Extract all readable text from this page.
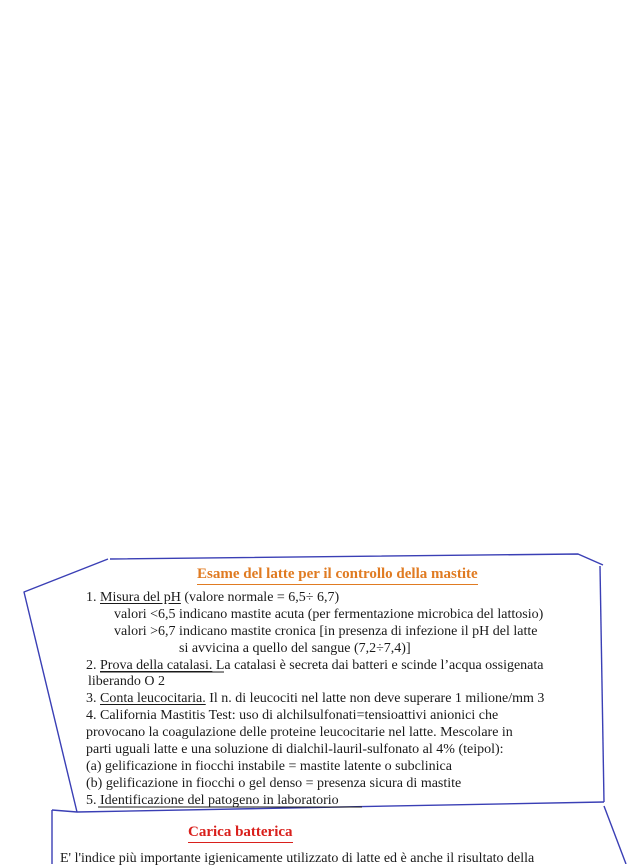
Esame del latte per il controllo della mastite
1. Misura del pH (valore normale = 6,5÷ 6,7)
valori <6,5 indicano mastite acuta (per fermentazione microbica del lattosio)
valori >6,7 indicano mastite cronica [in presenza di infezione il pH del latte
si avvicina a quello del sangue (7,2÷7,4)]
2. Prova della catalasi. La catalasi è secreta dai batteri e scinde l’acqua ossigenata
liberando O 2
3. Conta leucocitaria. Il n. di leucociti nel latte non deve superare 1 milione/mm 3
4. California Mastitis Test: uso di alchilsulfonati=tensioattivi anionici che
provocano la coagulazione delle proteine leucocitarie nel latte. Mescolare in
parti uguali latte e una soluzione di dialchil-lauril-sulfonato al 4% (teipol):
(a) gelificazione in fiocchi instabile = mastite latente o subclinica
(b) gelificazione in fiocchi o gel denso = presenza sicura di mastite
5. Identificazione del patogeno in laboratorio
Carica batterica
E' l'indice più importante igienicamente utilizzato di latte ed è anche il risultato della
